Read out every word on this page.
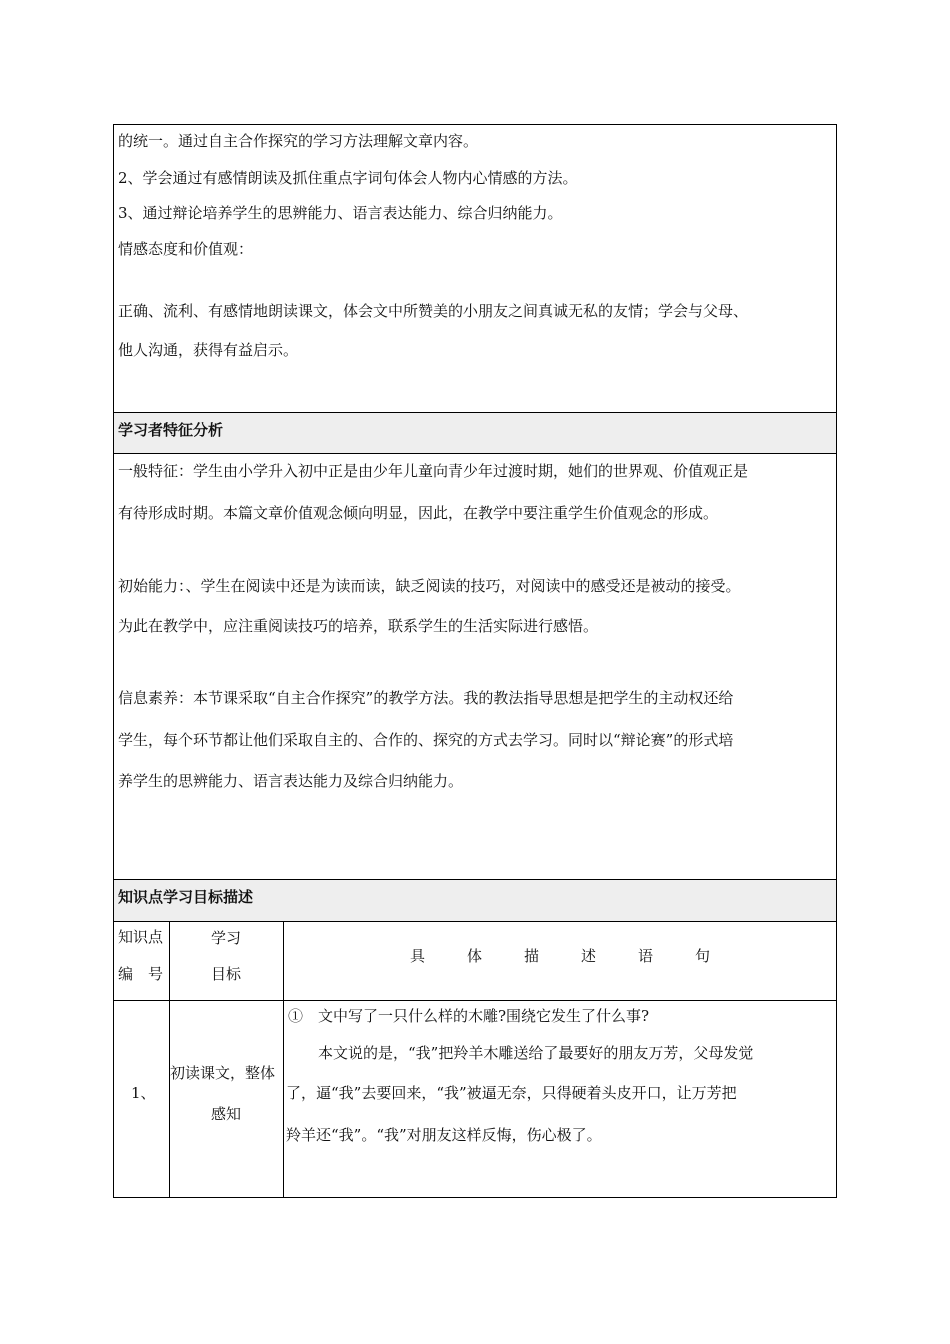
的统一。通过自主合作探究的学习方法理解文章内容。
2、学会通过有感情朗读及抓住重点字词句体会人物内心情感的方法。
3、通过辩论培养学生的思辨能力、语言表达能力、综合归纳能力。
情感态度和价值观：
正确、流利、有感情地朗读课文，体会文中所赞美的小朋友之间真诚无私的友情；学会与父母、
他人沟通，获得有益启示。
学习者特征分析
一般特征：学生由小学升入初中正是由少年儿童向青少年过渡时期，她们的世界观、价值观正是
有待形成时期。本篇文章价值观念倾向明显，因此，在教学中要注重学生价值观念的形成。
初始能力：、学生在阅读中还是为读而读，缺乏阅读的技巧，对阅读中的感受还是被动的接受。
为此在教学中，应注重阅读技巧的培养，联系学生的生活实际进行感悟。
信息素养：本节课采取“自主合作探究”的教学方法。我的教法指导思想是把学生的主动权还给
学生，每个环节都让他们采取自主的、合作的、探究的方式去学习。同时以“辩论赛”的形式培
养学生的思辨能力、语言表达能力及综合归纳能力。
知识点学习目标描述
知识点
编　号
学习
目标
具体描述语句
1、
初读课文，整体
感知
①　文中写了一只什么样的木雕?围绕它发生了什么事?
本文说的是，“我”把羚羊木雕送给了最要好的朋友万芳，父母发觉
了，逼“我”去要回来，“我”被逼无奈，只得硬着头皮开口，让万芳把
羚羊还“我”。“我”对朋友这样反悔，伤心极了。
